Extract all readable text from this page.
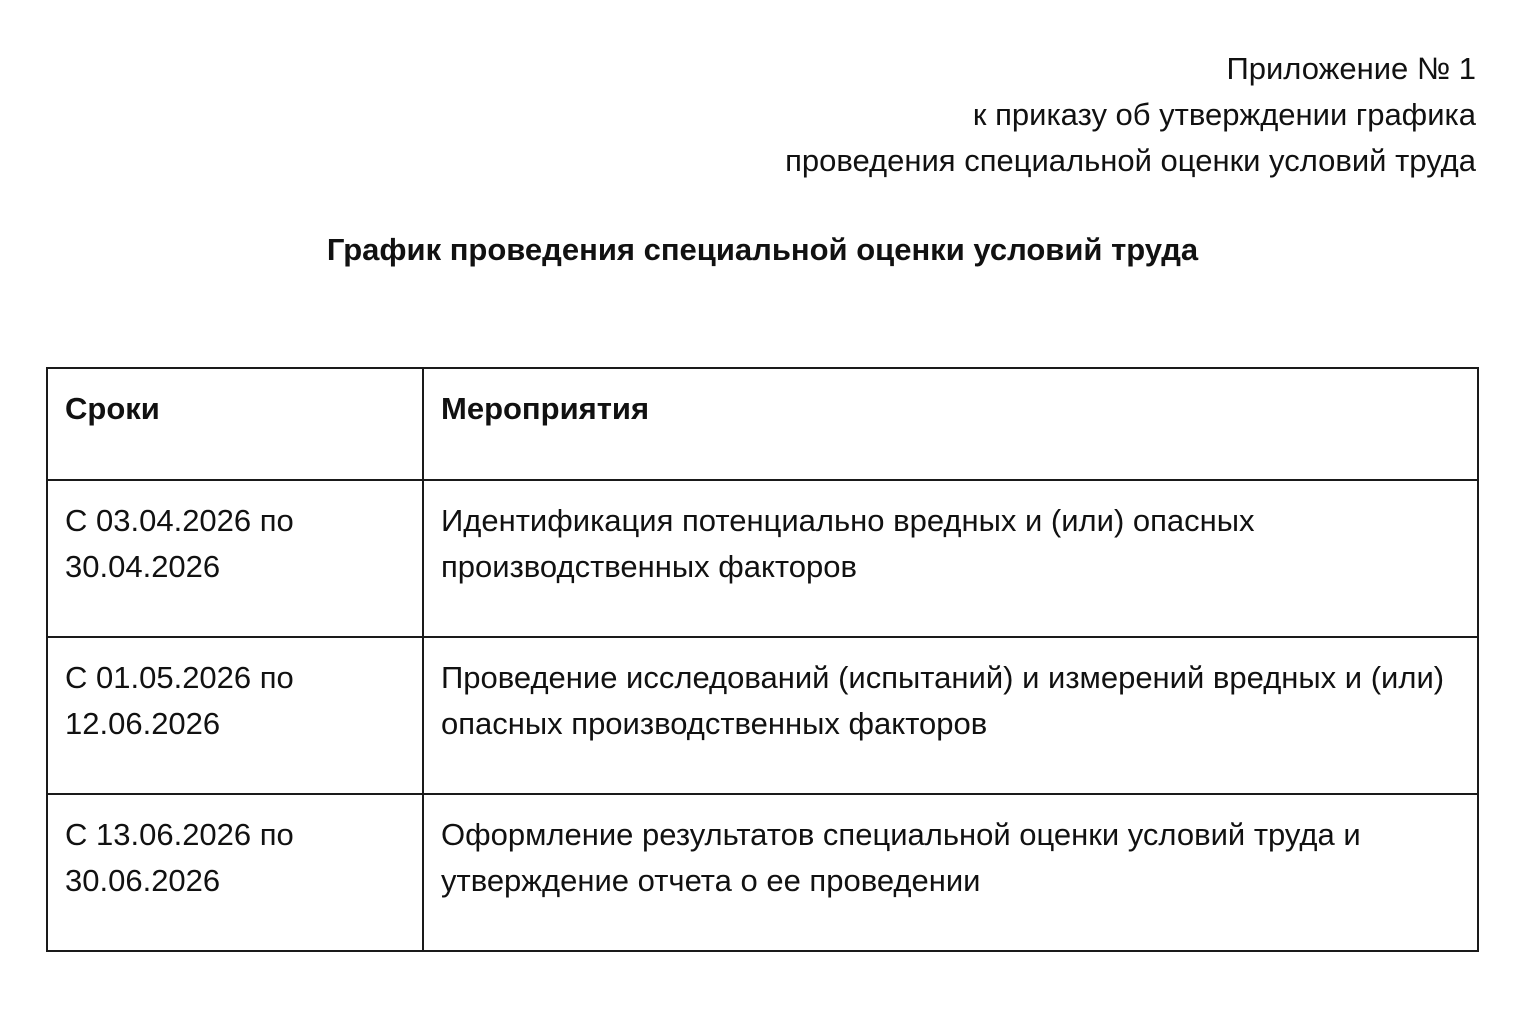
Приложение № 1
к приказу об утверждении графика
проведения специальной оценки условий труда
График проведения специальной оценки условий труда
Сроки	Мероприятия
С 03.04.2026 по 30.04.2026	Идентификация потенциально вредных и (или) опасных производственных факторов
С 01.05.2026 по 12.06.2026	Проведение исследований (испытаний) и измерений вредных и (или) опасных производственных факторов
С 13.06.2026 по 30.06.2026	Оформление результатов специальной оценки условий труда и утверждение отчета о ее проведении
